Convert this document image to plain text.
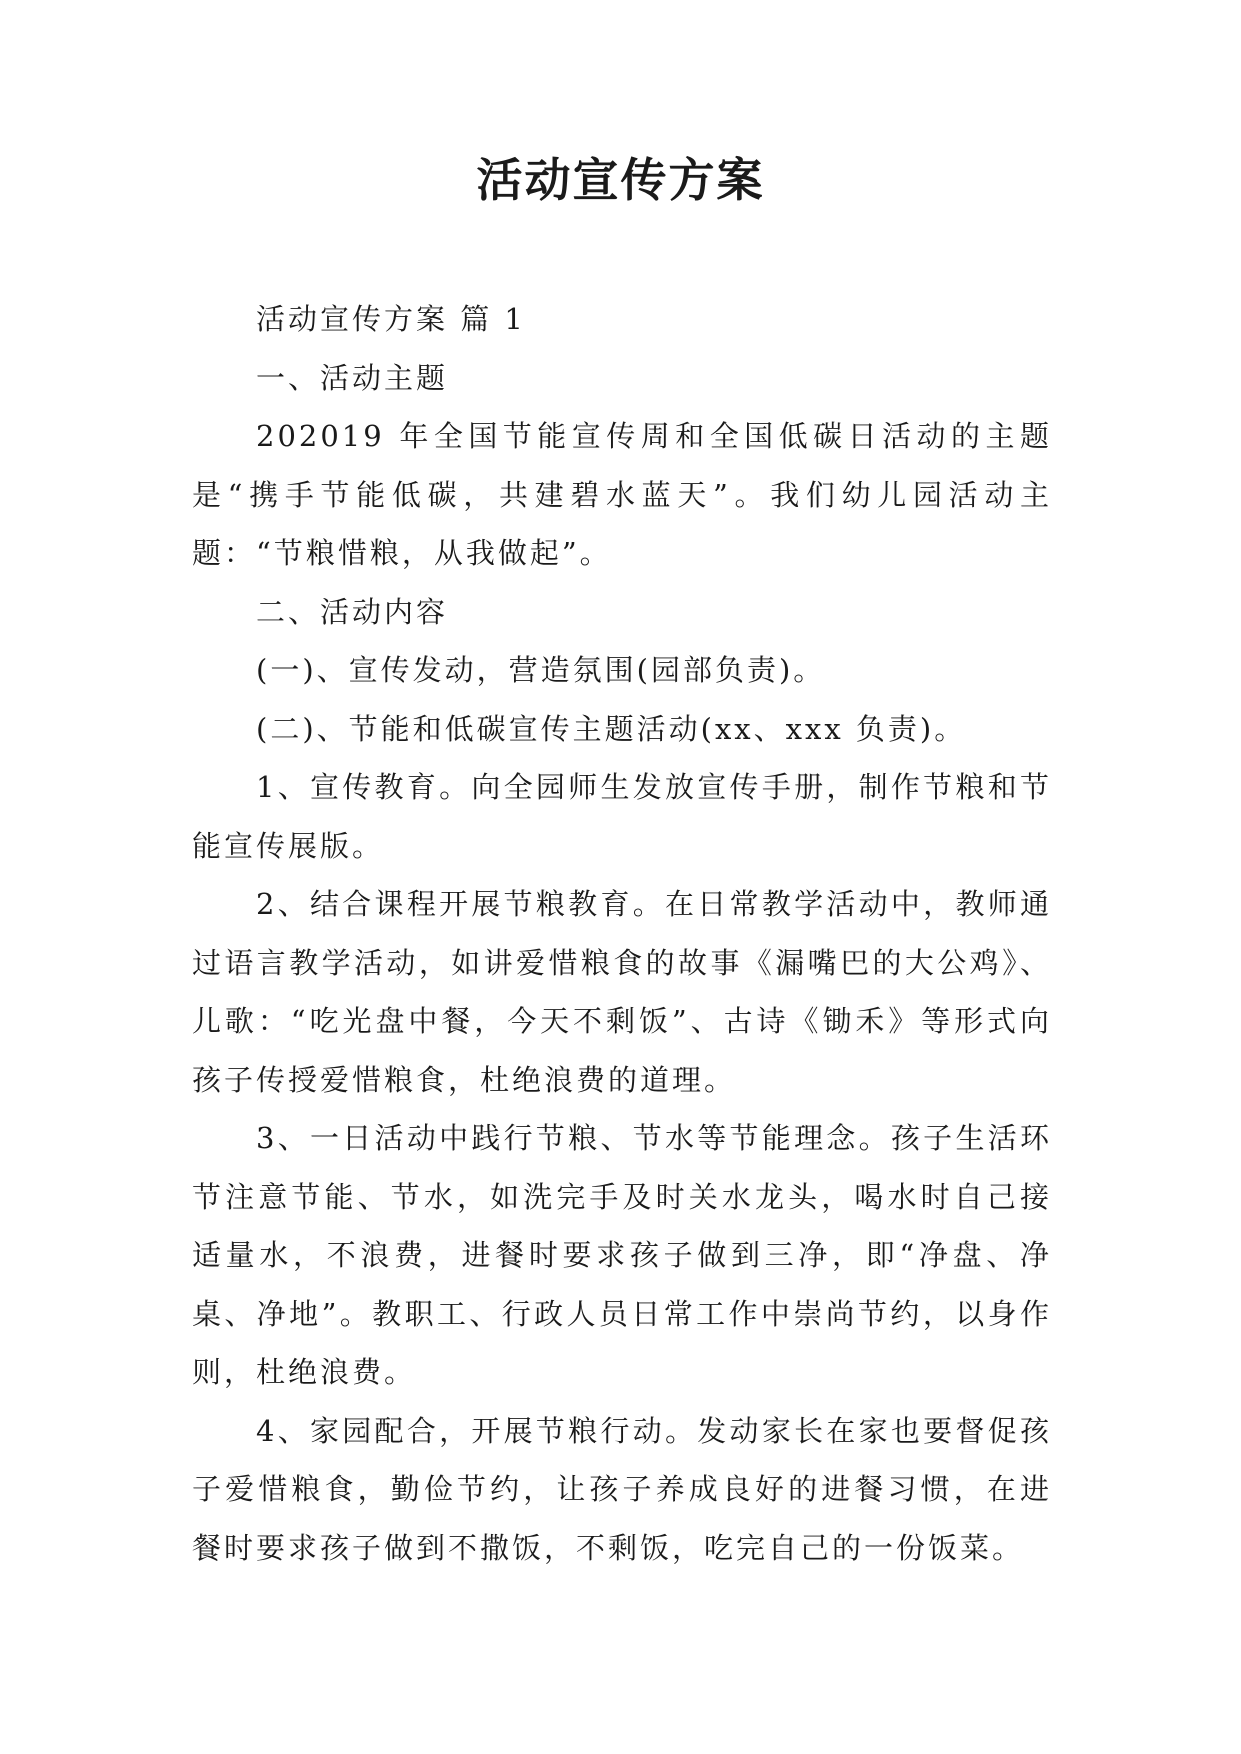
活动宣传方案

活动宣传方案 篇 1

一、活动主题

202019 年全国节能宣传周和全国低碳日活动的主题是“携手节能低碳，共建碧水蓝天”。我们幼儿园活动主题：“节粮惜粮，从我做起”。

二、活动内容

(一)、宣传发动，营造氛围(园部负责)。

(二)、节能和低碳宣传主题活动(xx、xxx 负责)。

1、宣传教育。向全园师生发放宣传手册，制作节粮和节能宣传展版。

2、结合课程开展节粮教育。在日常教学活动中，教师通过语言教学活动，如讲爱惜粮食的故事《漏嘴巴的大公鸡》、儿歌：“吃光盘中餐，今天不剩饭”、古诗《锄禾》等形式向孩子传授爱惜粮食，杜绝浪费的道理。

3、一日活动中践行节粮、节水等节能理念。孩子生活环节注意节能、节水，如洗完手及时关水龙头，喝水时自己接适量水，不浪费，进餐时要求孩子做到三净，即“净盘、净桌、净地”。教职工、行政人员日常工作中崇尚节约，以身作则，杜绝浪费。

4、家园配合，开展节粮行动。发动家长在家也要督促孩子爱惜粮食，勤俭节约，让孩子养成良好的进餐习惯，在进餐时要求孩子做到不撒饭，不剩饭，吃完自己的一份饭菜。
